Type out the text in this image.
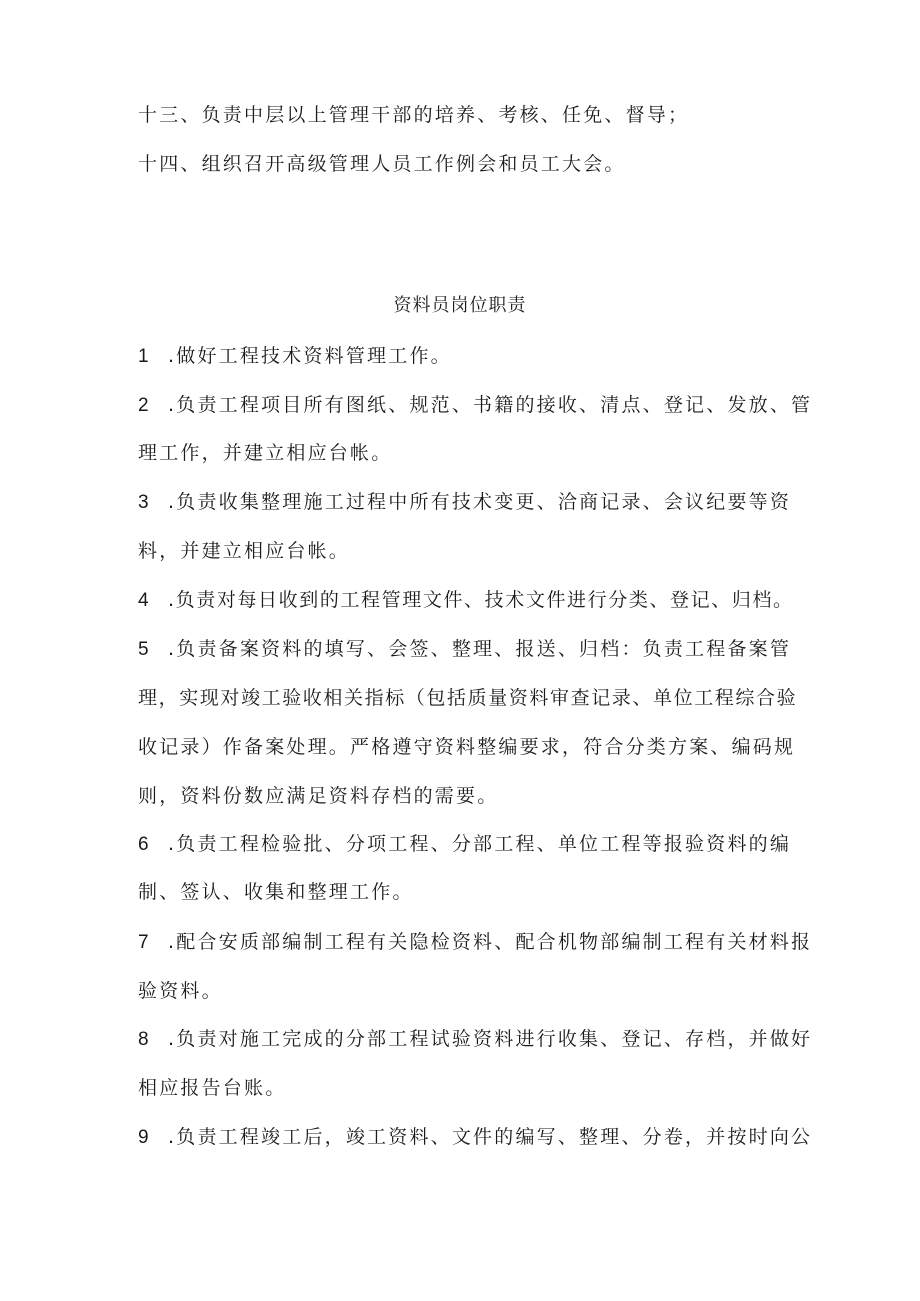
十三、负责中层以上管理干部的培养、考核、任免、督导；
十四、组织召开高级管理人员工作例会和员工大会。
资料员岗位职责
1 .做好工程技术资料管理工作。
2 .负责工程项目所有图纸、规范、书籍的接收、清点、登记、发放、管
理工作，并建立相应台帐。
3 .负责收集整理施工过程中所有技术变更、洽商记录、会议纪要等资
料，并建立相应台帐。
4 .负责对每日收到的工程管理文件、技术文件进行分类、登记、归档。
5 .负责备案资料的填写、会签、整理、报送、归档：负责工程备案管
理，实现对竣工验收相关指标（包括质量资料审查记录、单位工程综合验
收记录）作备案处理。严格遵守资料整编要求，符合分类方案、编码规
则，资料份数应满足资料存档的需要。
6 .负责工程检验批、分项工程、分部工程、单位工程等报验资料的编
制、签认、收集和整理工作。
7 .配合安质部编制工程有关隐检资料、配合机物部编制工程有关材料报
验资料。
8 .负责对施工完成的分部工程试验资料进行收集、登记、存档，并做好
相应报告台账。
9 .负责工程竣工后，竣工资料、文件的编写、整理、分卷，并按时向公
